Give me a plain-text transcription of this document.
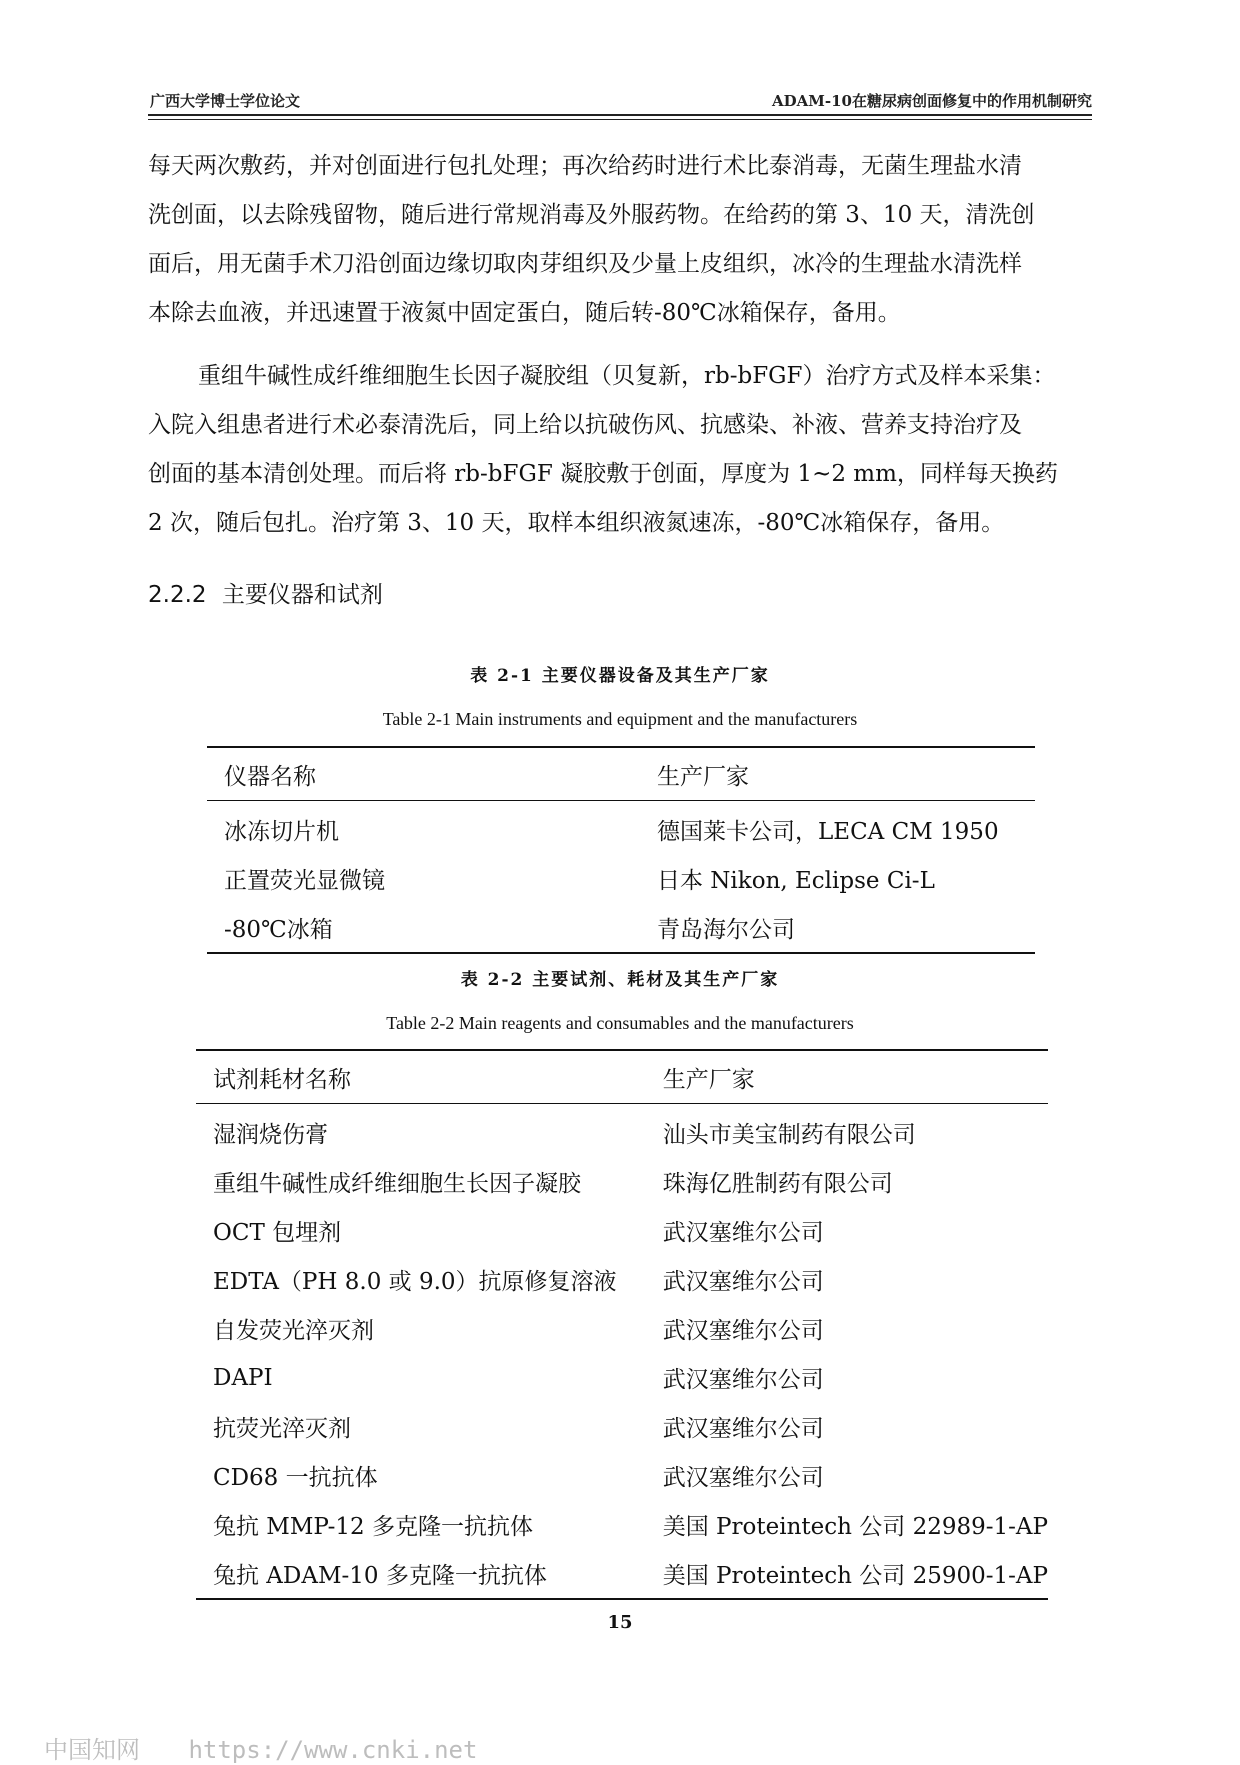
广西大学博士学位论文	ADAM-10在糖尿病创面修复中的作用机制研究

每天两次敷药，并对创面进行包扎处理；再次给药时进行术比泰消毒，无菌生理盐水清
洗创面，以去除残留物，随后进行常规消毒及外服药物。在给药的第 3、10 天，清洗创
面后，用无菌手术刀沿创面边缘切取肉芽组织及少量上皮组织，冰冷的生理盐水清洗样
本除去血液，并迅速置于液氮中固定蛋白，随后转-80℃冰箱保存，备用。

重组牛碱性成纤维细胞生长因子凝胶组（贝复新，rb-bFGF）治疗方式及样本采集：
入院入组患者进行术必泰清洗后，同上给以抗破伤风、抗感染、补液、营养支持治疗及
创面的基本清创处理。而后将 rb-bFGF 凝胶敷于创面，厚度为 1~2 mm，同样每天换药
2 次，随后包扎。治疗第 3、10 天，取样本组织液氮速冻，-80℃冰箱保存，备用。

2.2.2 主要仪器和试剂
表 2-1 主要仪器设备及其生产厂家
Table 2-1 Main instruments and equipment and the manufacturers
仪器名称	生产厂家
冰冻切片机	德国莱卡公司，LECA CM 1950
正置荧光显微镜	日本 Nikon, Eclipse Ci-L
-80℃冰箱	青岛海尔公司
表 2-2 主要试剂、耗材及其生产厂家
Table 2-2 Main reagents and consumables and the manufacturers
试剂耗材名称	生产厂家
湿润烧伤膏	汕头市美宝制药有限公司
重组牛碱性成纤维细胞生长因子凝胶	珠海亿胜制药有限公司
OCT 包埋剂	武汉塞维尔公司
EDTA（PH 8.0 或 9.0）抗原修复溶液	武汉塞维尔公司
自发荧光淬灭剂	武汉塞维尔公司
DAPI	武汉塞维尔公司
抗荧光淬灭剂	武汉塞维尔公司
CD68 一抗抗体	武汉塞维尔公司
兔抗 MMP-12 多克隆一抗抗体	美国 Proteintech 公司 22989-1-AP
兔抗 ADAM-10 多克隆一抗抗体	美国 Proteintech 公司 25900-1-AP
15
中国知网 https://www.cnki.net
